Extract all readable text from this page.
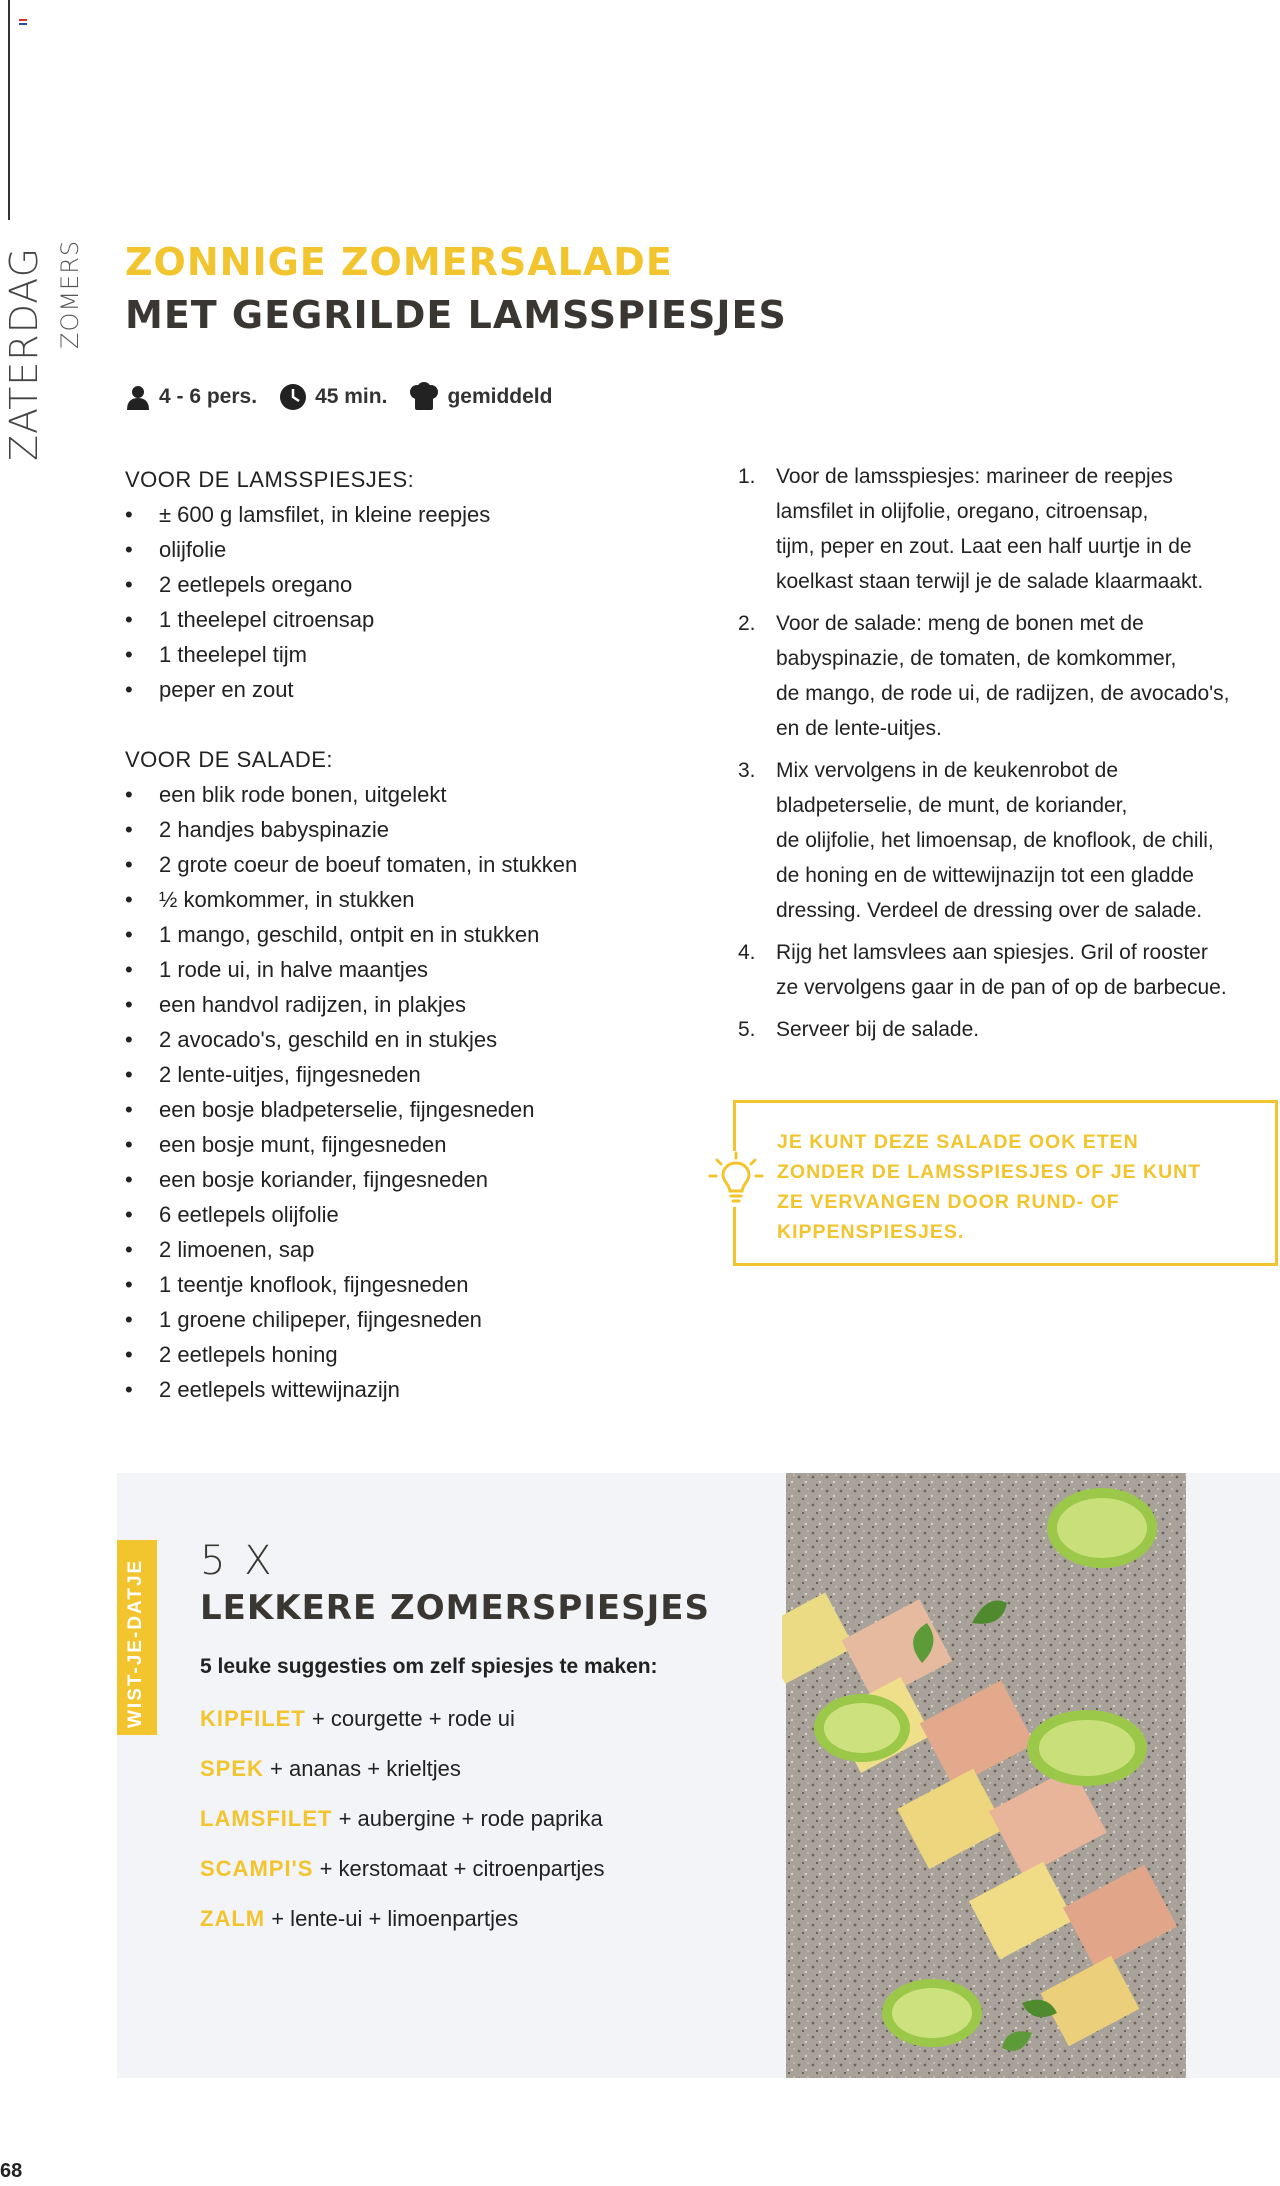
ZATERDAG ZOMERS ZONNIGE ZOMERSALADE
MET GEGRILDE LAMSSPIESJES
4 - 6 pers.	45 min.	gemiddeld
VOOR DE LAMSSPIESJES:
• ± 600 g lamsfilet, in kleine reepjes
• olijfolie
• 2 eetlepels oregano
• 1 theelepel citroensap
• 1 theelepel tijm
• peper en zout
VOOR DE SALADE:
• een blik rode bonen, uitgelekt
• 2 handjes babyspinazie
• 2 grote coeur de boeuf tomaten, in stukken
• ½ komkommer, in stukken
• 1 mango, geschild, ontpit en in stukken
• 1 rode ui, in halve maantjes
• een handvol radijzen, in plakjes
• 2 avocado's, geschild en in stukjes
• 2 lente-uitjes, fijngesneden
• een bosje bladpeterselie, fijngesneden
• een bosje munt, fijngesneden
• een bosje koriander, fijngesneden
• 6 eetlepels olijfolie
• 2 limoenen, sap
• 1 teentje knoflook, fijngesneden
• 1 groene chilipeper, fijngesneden
• 2 eetlepels honing
• 2 eetlepels wittewijnazijn
1. Voor de lamsspiesjes: marineer de reepjes
lamsfilet in olijfolie, oregano, citroensap,
tijm, peper en zout. Laat een half uurtje in de
koelkast staan terwijl je de salade klaarmaakt.
2. Voor de salade: meng de bonen met de
babyspinazie, de tomaten, de komkommer,
de mango, de rode ui, de radijzen, de avocado's,
en de lente-uitjes.
3. Mix vervolgens in de keukenrobot de
bladpeterselie, de munt, de koriander,
de olijfolie, het limoensap, de knoflook, de chili,
de honing en de wittewijnazijn tot een gladde
dressing. Verdeel de dressing over de salade.
4. Rijg het lamsvlees aan spiesjes. Gril of rooster
ze vervolgens gaar in de pan of op de barbecue.
5. Serveer bij de salade.
JE KUNT DEZE SALADE OOK ETEN
ZONDER DE LAMSSPIESJES OF JE KUNT
ZE VERVANGEN DOOR RUND- OF
KIPPENSPIESJES.
WIST-JE-DATJE 5 X
LEKKERE ZOMERSPIESJES
5 leuke suggesties om zelf spiesjes te maken:
KIPFILET + courgette + rode ui
SPEK + ananas + krieltjes
LAMSFILET + aubergine + rode paprika
SCAMPI'S + kerstomaat + citroenpartjes
ZALM + lente-ui + limoenpartjes
68
